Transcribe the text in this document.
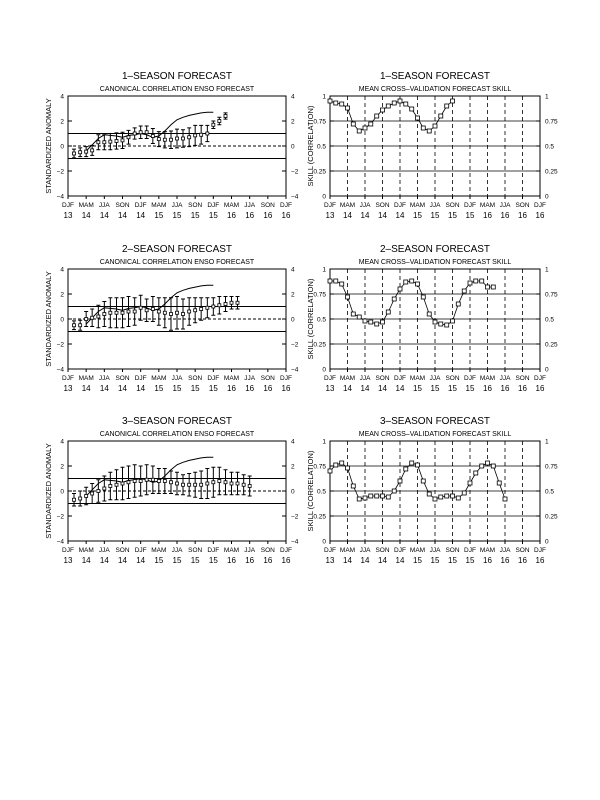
1–SEASON FORECAST
CANONICAL CORRELATION ENSO FORECAST
STANDARDIZED ANOMALY
−4	−4
−2	−2
0	0
2	2
4	4
DJF
13
MAM
14
JJA
14
SON
14
DJF
14
MAM
15
JJA
15
SON
15
DJF
15
MAM
16
JJA
16
SON
16
DJF
16
1–SEASON FORECAST
MEAN CROSS–VALIDATION FORECAST SKILL
SKILL (CORRELATION)
0	0
0.25	0.25
0.5	0.5
0.75	0.75
1	1
DJF
13
MAM
14
JJA
14
SON
14
DJF
14
MAM
15
JJA
15
SON
15
DJF
15
MAM
16
JJA
16
SON
16
DJF
16
2–SEASON FORECAST
CANONICAL CORRELATION ENSO FORECAST
STANDARDIZED ANOMALY
−4	−4
−2	−2
0	0
2	2
4	4
DJF
13
MAM
14
JJA
14
SON
14
DJF
14
MAM
15
JJA
15
SON
15
DJF
15
MAM
16
JJA
16
SON
16
DJF
16
2–SEASON FORECAST
MEAN CROSS–VALIDATION FORECAST SKILL
SKILL (CORRELATION)
0	0
0.25	0.25
0.5	0.5
0.75	0.75
1	1
DJF
13
MAM
14
JJA
14
SON
14
DJF
14
MAM
15
JJA
15
SON
15
DJF
15
MAM
16
JJA
16
SON
16
DJF
16
3–SEASON FORECAST
CANONICAL CORRELATION ENSO FORECAST
STANDARDIZED ANOMALY
−4	−4
−2	−2
0	0
2	2
4	4
DJF
13
MAM
14
JJA
14
SON
14
DJF
14
MAM
15
JJA
15
SON
15
DJF
15
MAM
16
JJA
16
SON
16
DJF
16
3–SEASON FORECAST
MEAN CROSS–VALIDATION FORECAST SKILL
SKILL (CORRELATION)
0	0
0.25	0.25
0.5	0.5
0.75	0.75
1	1
DJF
13
MAM
14
JJA
14
SON
14
DJF
14
MAM
15
JJA
15
SON
15
DJF
15
MAM
16
JJA
16
SON
16
DJF
16
